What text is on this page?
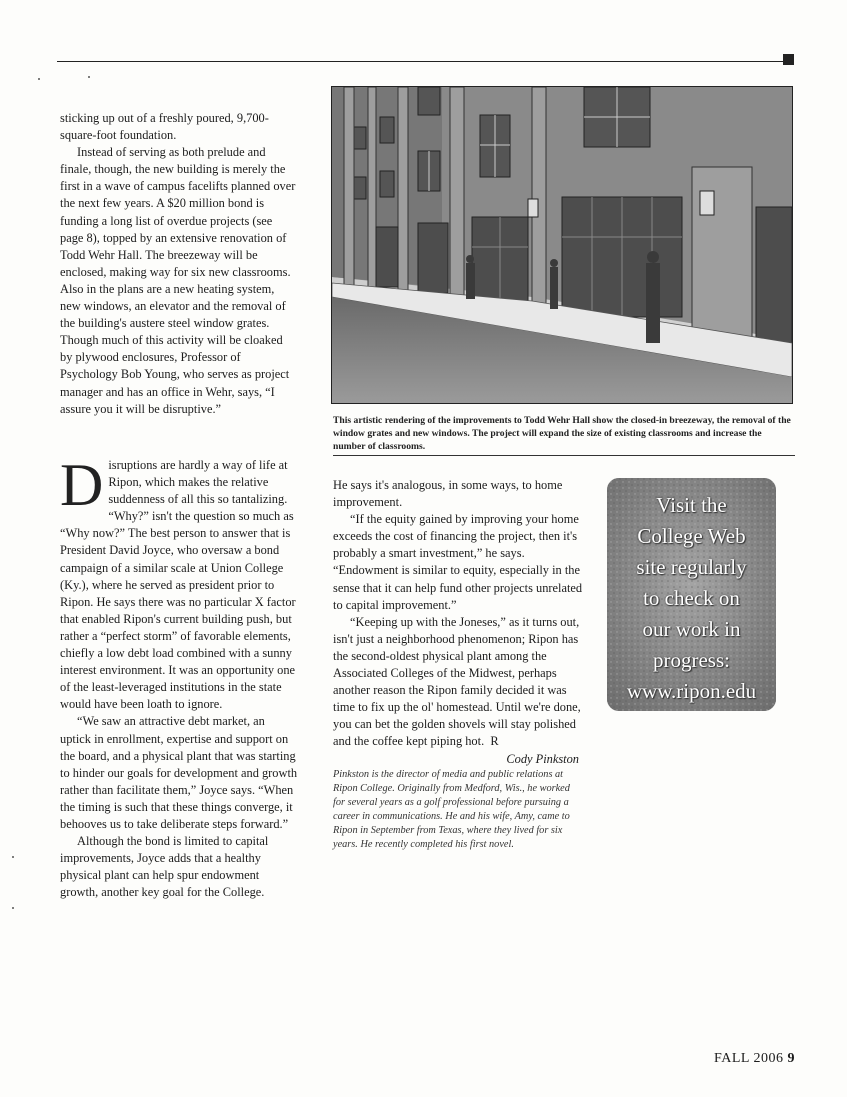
sticking up out of a freshly poured, 9,700-square-foot foundation.

Instead of serving as both prelude and finale, though, the new building is merely the first in a wave of campus facelifts planned over the next few years. A $20 million bond is funding a long list of overdue projects (see page 8), topped by an extensive renovation of Todd Wehr Hall. The breezeway will be enclosed, making way for six new classrooms. Also in the plans are a new heating system, new windows, an elevator and the removal of the building's austere steel window grates. Though much of this activity will be cloaked by plywood enclosures, Professor of Psychology Bob Young, who serves as project manager and has an office in Wehr, says, “I assure you it will be disruptive.”

D isruptions are hardly a way of life at Ripon, which makes the relative suddenness of all this so tantalizing. “Why?” isn't the question so much as “Why now?” The best person to answer that is President David Joyce, who oversaw a bond campaign of a similar scale at Union College (Ky.), where he served as president prior to Ripon. He says there was no particular X factor that enabled Ripon's current building push, but rather a “perfect storm” of favorable elements, chiefly a low debt load combined with a sunny interest environment. It was an opportunity one of the least-leveraged institutions in the state would have been loath to ignore.

“We saw an attractive debt market, an uptick in enrollment, expertise and support on the board, and a physical plant that was starting to hinder our goals for development and growth rather than facilitate them,” Joyce says. “When the timing is such that these things converge, it behooves us to take deliberate steps forward.”

Although the bond is limited to capital improvements, Joyce adds that a healthy physical plant can help spur endowment growth, another key goal for the College.

He says it's analogous, in some ways, to home improvement.

“If the equity gained by improving your home exceeds the cost of financing the project, then it's probably a smart investment,” he says. “Endowment is similar to equity, especially in the sense that it can help fund other projects unrelated to capital improvement.”

“Keeping up with the Joneses,” as it turns out, isn't just a neighborhood phenomenon; Ripon has the second-oldest physical plant among the Associated Colleges of the Midwest, perhaps another reason the Ripon family decided it was time to fix up the ol' homestead. Until we're done, you can bet the golden shovels will stay polished and the coffee kept piping hot. R

Cody Pinkston

Pinkston is the director of media and public relations at Ripon College. Originally from Medford, Wis., he worked for several years as a golf professional before pursuing a career in communications. He and his wife, Amy, came to Ripon in September from Texas, where they lived for six years. He recently completed his first novel.

This artistic rendering of the improvements to Todd Wehr Hall show the closed-in breezeway, the removal of the window grates and new windows. The project will expand the size of existing classrooms and increase the number of classrooms.
Visit the
College Web
site regularly
to check on
our work in
progress:
www.ripon.edu
FALL 2006 9
